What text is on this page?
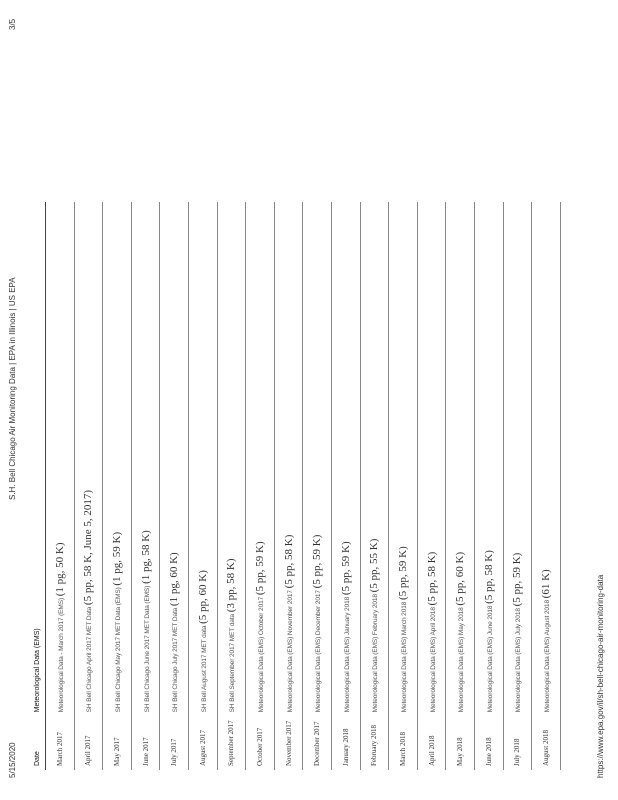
5/15/2020
S.H. Bell Chicago Air Monitoring Data | EPA in Illinois | US EPA
3/5
Date	Meteorological Data (EMS)
March 2017	Meteorological Data - March 2017 (EMS) (1 pg, 50 K)
April 2017	SH Bell Chicago April 2017 MET Data (5 pp, 58 K, June 5, 2017)
May 2017	SH Bell Chicago May 2017 MET Data (EMS) (1 pg, 59 K)
June 2017	SH Bell Chicago June 2017 MET Data (EMS) (1 pg, 58 K)
July 2017	SH Bell Chicago July 2017 MET Data (1 pg, 60 K)
August 2017	SH Bell August 2017 MET data (5 pp, 60 K)
September 2017	SH Bell September 2017 MET data (3 pp, 58 K)
October 2017	Meteorological Data (EMS) October 2017 (5 pp, 59 K)
November 2017	Meteorological Data (EMS) November 2017 (5 pp, 58 K)
December 2017	Meteorological Data (EMS) December 2017 (5 pp, 59 K)
January 2018	Meteorological Data (EMS) January 2018 (5 pp, 59 K)
February 2018	Meteorological Data (EMS) February 2018 (5 pp, 55 K)
March 2018	Meteorological Data (EMS) March 2018 (5 pp, 59 K)
April 2018	Meteorological Data (EMS) April 2018 (5 pp, 58 K)
May 2018	Meteorological Data (EMS) May 2018 (5 pp, 60 K)
June 2018	Meteorological Data (EMS) June 2018 (5 pp, 58 K)
July 2018	Meteorological Data (EMS) July 2018 (5 pp, 59 K)
August 2018	Meteorological Data (EMS) August 2018 (61 K)	https://www.epa.gov/il/sh-bell-chicago-air-monitoring-data
